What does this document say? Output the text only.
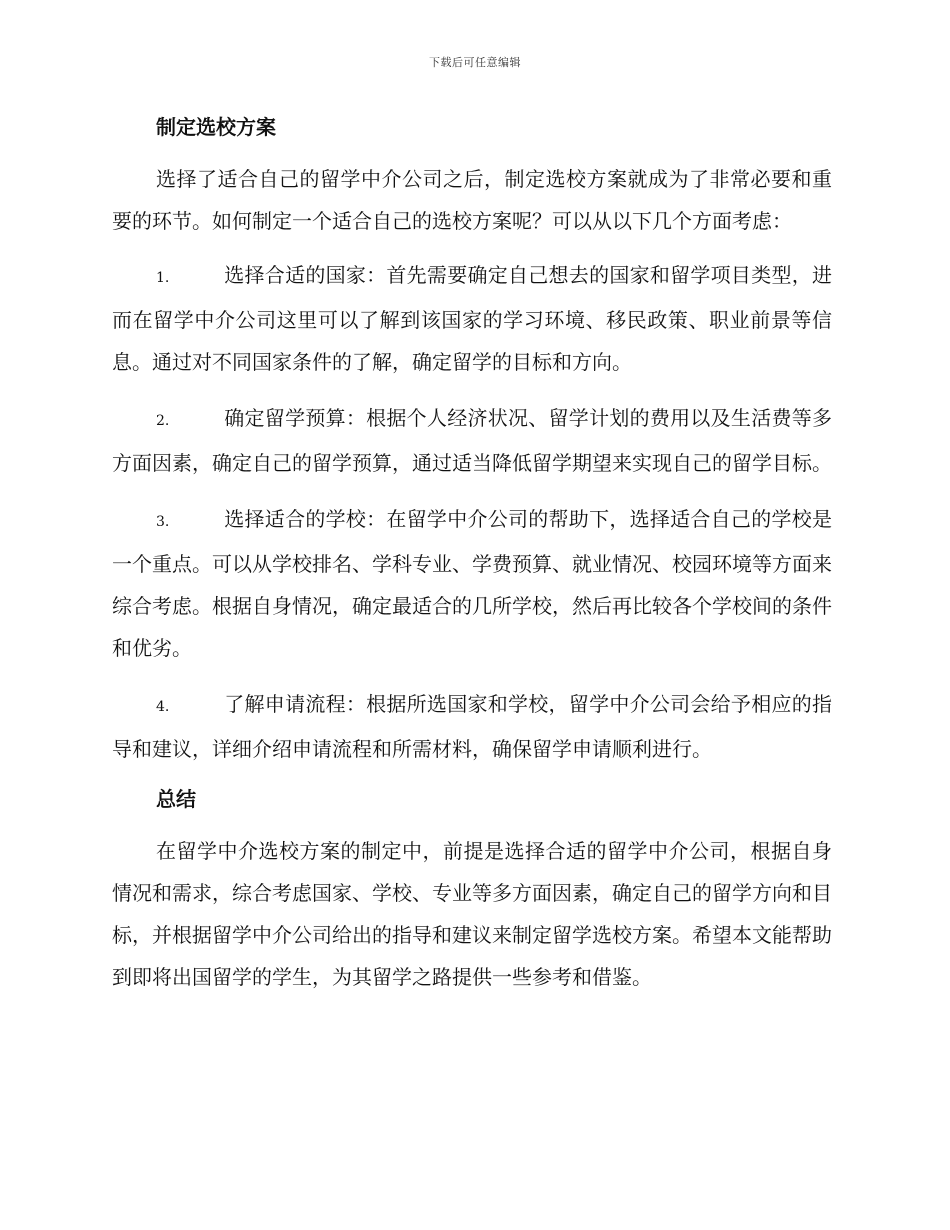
下载后可任意编辑
制定选校方案

选择了适合自己的留学中介公司之后，制定选校方案就成为了非常必要和重要的环节。如何制定一个适合自己的选校方案呢？可以从以下几个方面考虑：

1.	选择合适的国家：首先需要确定自己想去的国家和留学项目类型，进而在留学中介公司这里可以了解到该国家的学习环境、移民政策、职业前景等信息。通过对不同国家条件的了解，确定留学的目标和方向。

2.	确定留学预算：根据个人经济状况、留学计划的费用以及生活费等多方面因素，确定自己的留学预算，通过适当降低留学期望来实现自己的留学目标。

3.	选择适合的学校：在留学中介公司的帮助下，选择适合自己的学校是一个重点。可以从学校排名、学科专业、学费预算、就业情况、校园环境等方面来综合考虑。根据自身情况，确定最适合的几所学校，然后再比较各个学校间的条件和优劣。

4.	了解申请流程：根据所选国家和学校，留学中介公司会给予相应的指导和建议，详细介绍申请流程和所需材料，确保留学申请顺利进行。

总结

在留学中介选校方案的制定中，前提是选择合适的留学中介公司，根据自身情况和需求，综合考虑国家、学校、专业等多方面因素，确定自己的留学方向和目标，并根据留学中介公司给出的指导和建议来制定留学选校方案。希望本文能帮助到即将出国留学的学生，为其留学之路提供一些参考和借鉴。
